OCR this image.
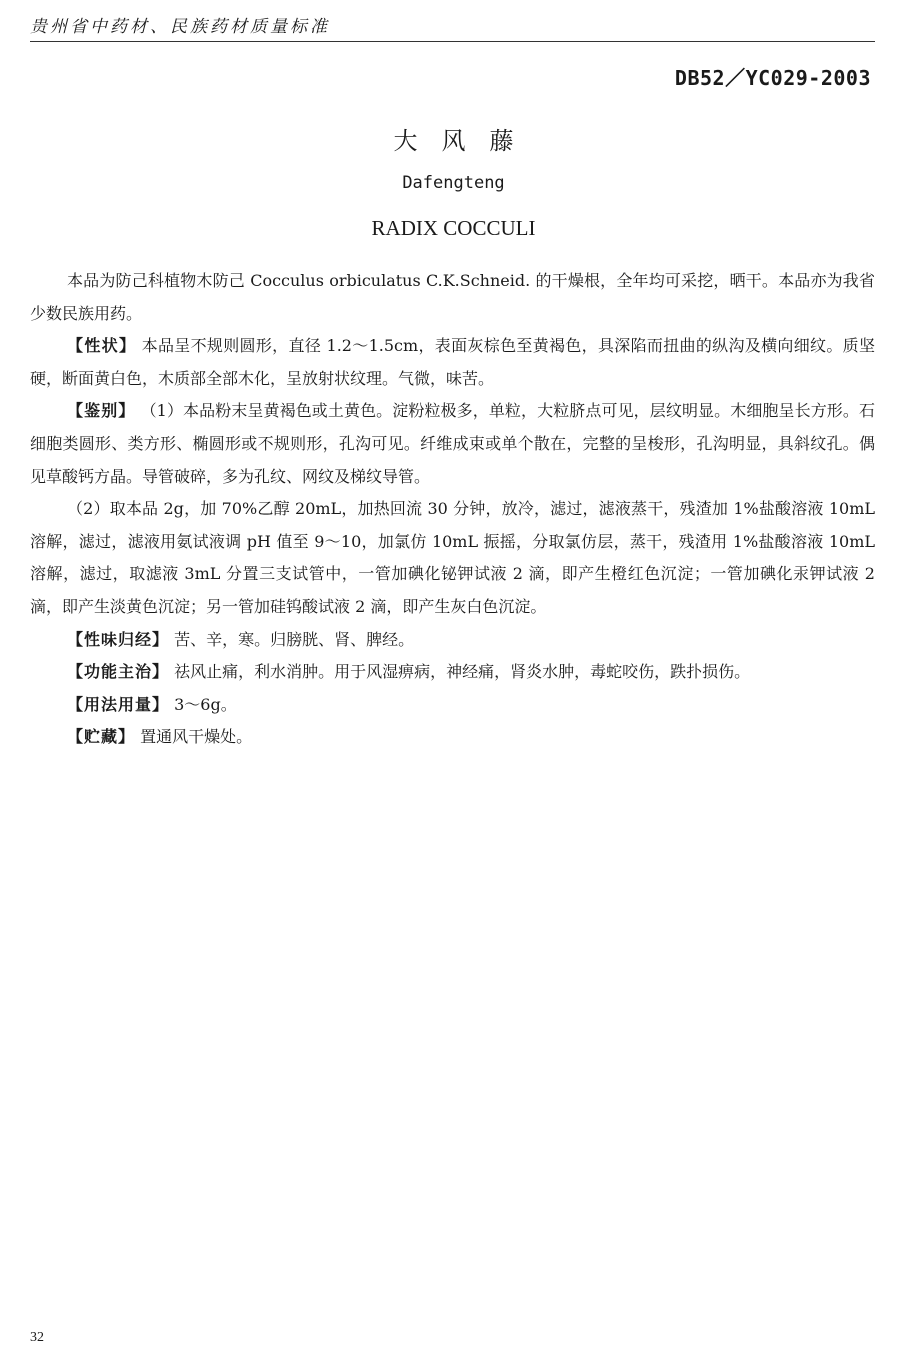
贵州省中药材、民族药材质量标准
DB52／YC029-2003
大风藤
Dafengteng
RADIX COCCULI

本品为防己科植物木防己 Cocculus orbiculatus C.K.Schneid. 的干燥根，全年均可采挖，晒干。本品亦为我省少数民族用药。

【性状】 本品呈不规则圆形，直径 1.2～1.5cm，表面灰棕色至黄褐色，具深陷而扭曲的纵沟及横向细纹。质坚硬，断面黄白色，木质部全部木化，呈放射状纹理。气微，味苦。

【鉴别】 （1）本品粉末呈黄褐色或土黄色。淀粉粒极多，单粒，大粒脐点可见，层纹明显。木细胞呈长方形。石细胞类圆形、类方形、椭圆形或不规则形，孔沟可见。纤维成束或单个散在，完整的呈梭形，孔沟明显，具斜纹孔。偶见草酸钙方晶。导管破碎，多为孔纹、网纹及梯纹导管。

（2）取本品 2g，加 70%乙醇 20mL，加热回流 30 分钟，放冷，滤过，滤液蒸干，残渣加 1%盐酸溶液 10mL 溶解，滤过，滤液用氨试液调 pH 值至 9～10，加氯仿 10mL 振摇，分取氯仿层，蒸干，残渣用 1%盐酸溶液 10mL 溶解，滤过，取滤液 3mL 分置三支试管中，一管加碘化铋钾试液 2 滴，即产生橙红色沉淀；一管加碘化汞钾试液 2 滴，即产生淡黄色沉淀；另一管加硅钨酸试液 2 滴，即产生灰白色沉淀。

【性味归经】 苦、辛，寒。归膀胱、肾、脾经。

【功能主治】 祛风止痛，利水消肿。用于风湿痹病，神经痛，肾炎水肿，毒蛇咬伤，跌扑损伤。

【用法用量】 3～6g。

【贮藏】 置通风干燥处。

32
